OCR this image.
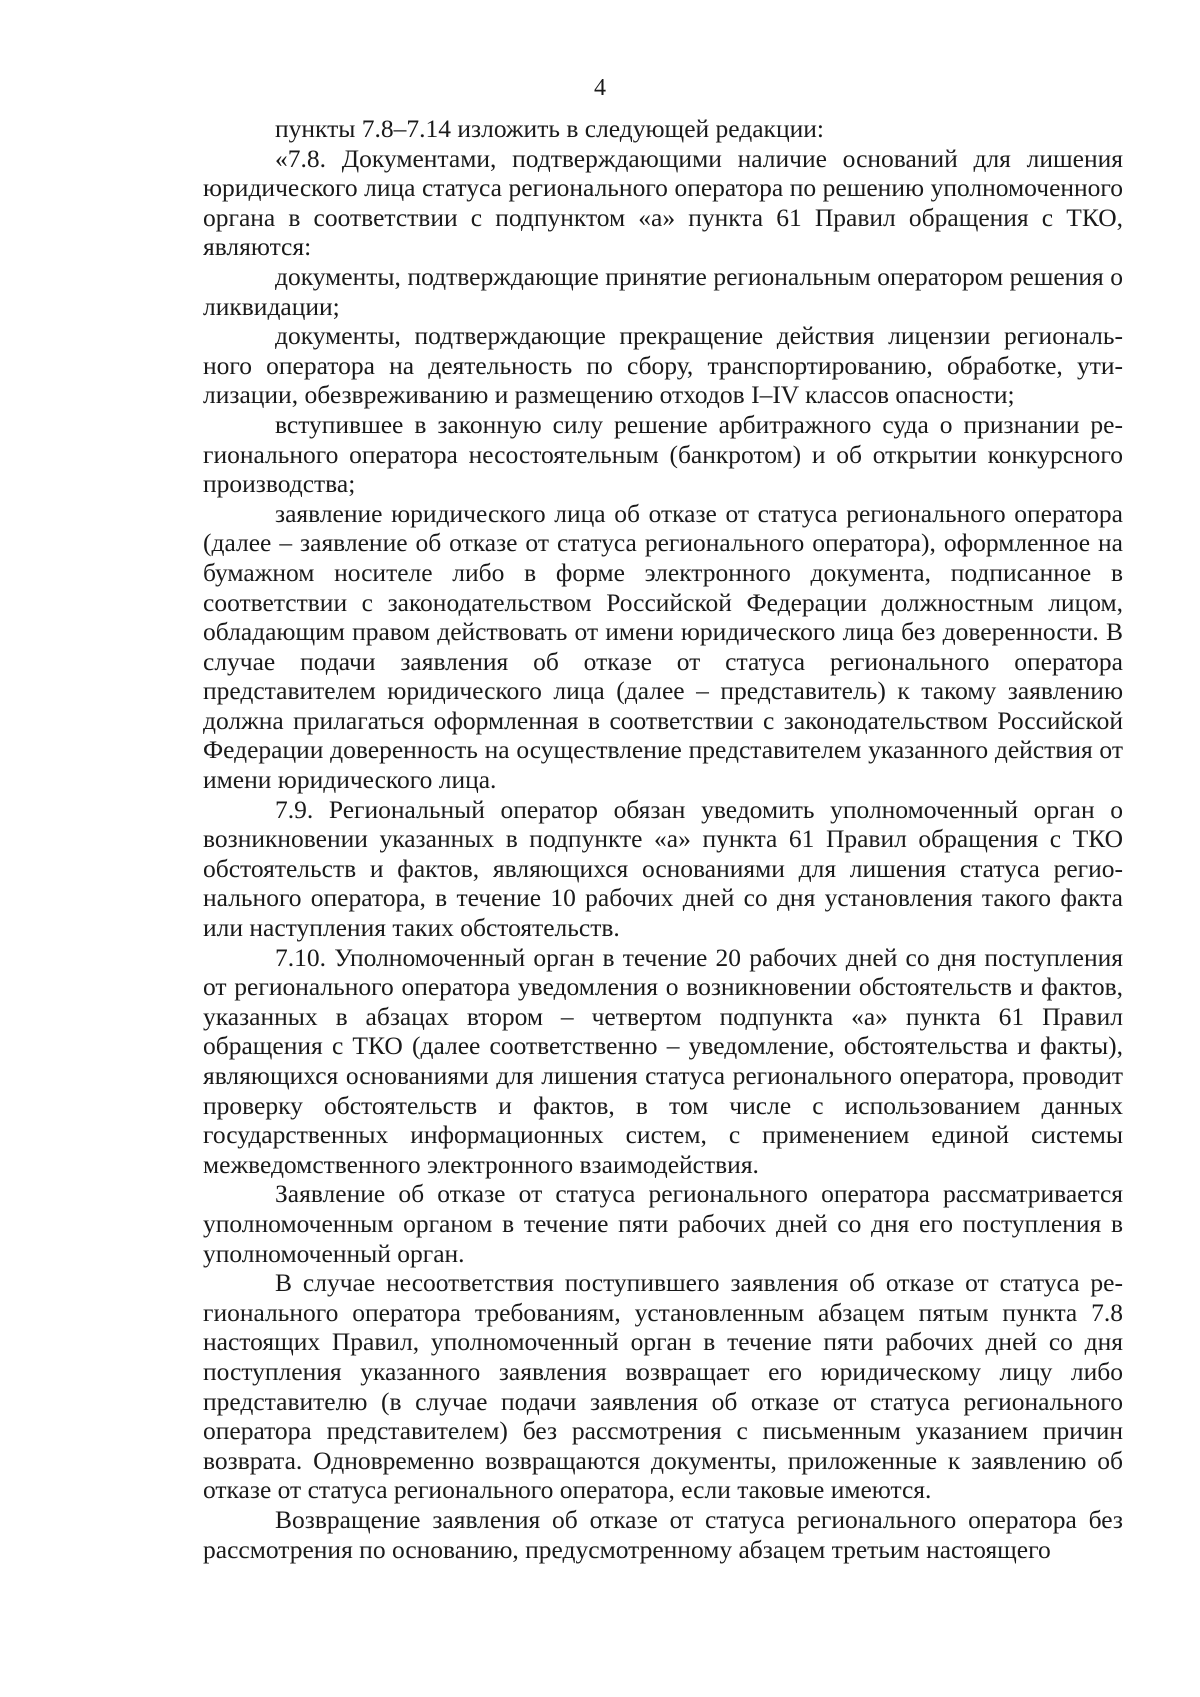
4

пункты 7.8–7.14 изложить в следующей редакции:

«7.8. Документами, подтверждающими наличие оснований для лишения юридического лица статуса регионального оператора по решению уполномоченного органа в соответствии с подпунктом «а» пункта 61 Правил обращения с ТКО, являются:

документы, подтверждающие принятие региональным оператором решения о ликвидации;

документы, подтверждающие прекращение действия лицензии регионального оператора на деятельность по сбору, транспортированию, обработке, утилизации, обезвреживанию и размещению отходов I–IV классов опасности;

вступившее в законную силу решение арбитражного суда о признании регионального оператора несостоятельным (банкротом) и об открытии конкурсного производства;

заявление юридического лица об отказе от статуса регионального оператора (далее – заявление об отказе от статуса регионального оператора), оформленное на бумажном носителе либо в форме электронного документа, подписанное в соответствии с законодательством Российской Федерации должностным лицом, обладающим правом действовать от имени юридического лица без доверенности. В случае подачи заявления об отказе от статуса регионального оператора представителем юридического лица (далее – представитель) к такому заявлению должна прилагаться оформленная в соответствии с законодательством Российской Федерации доверенность на осуществление представителем указанного действия от имени юридического лица.

7.9. Региональный оператор обязан уведомить уполномоченный орган о возникновении указанных в подпункте «а» пункта 61 Правил обращения с ТКО обстоятельств и фактов, являющихся основаниями для лишения статуса регионального оператора, в течение 10 рабочих дней со дня установления такого факта или наступления таких обстоятельств.

7.10. Уполномоченный орган в течение 20 рабочих дней со дня поступления от регионального оператора уведомления о возникновении обстоятельств и фактов, указанных в абзацах втором – четвертом подпункта «а» пункта 61 Правил обращения с ТКО (далее соответственно – уведомление, обстоятельства и факты), являющихся основаниями для лишения статуса регионального оператора, проводит проверку обстоятельств и фактов, в том числе с использованием данных государственных информационных систем, с применением единой системы межведомственного электронного взаимодействия.

Заявление об отказе от статуса регионального оператора рассматривается уполномоченным органом в течение пяти рабочих дней со дня его поступления в уполномоченный орган.

В случае несоответствия поступившего заявления об отказе от статуса регионального оператора требованиям, установленным абзацем пятым пункта 7.8 настоящих Правил, уполномоченный орган в течение пяти рабочих дней со дня поступления указанного заявления возвращает его юридическому лицу либо представителю (в случае подачи заявления об отказе от статуса регионального оператора представителем) без рассмотрения с письменным указанием причин возврата. Одновременно возвращаются документы, приложенные к заявлению об отказе от статуса регионального оператора, если таковые имеются.

Возвращение заявления об отказе от статуса регионального оператора без рассмотрения по основанию, предусмотренному абзацем третьим настоящего
